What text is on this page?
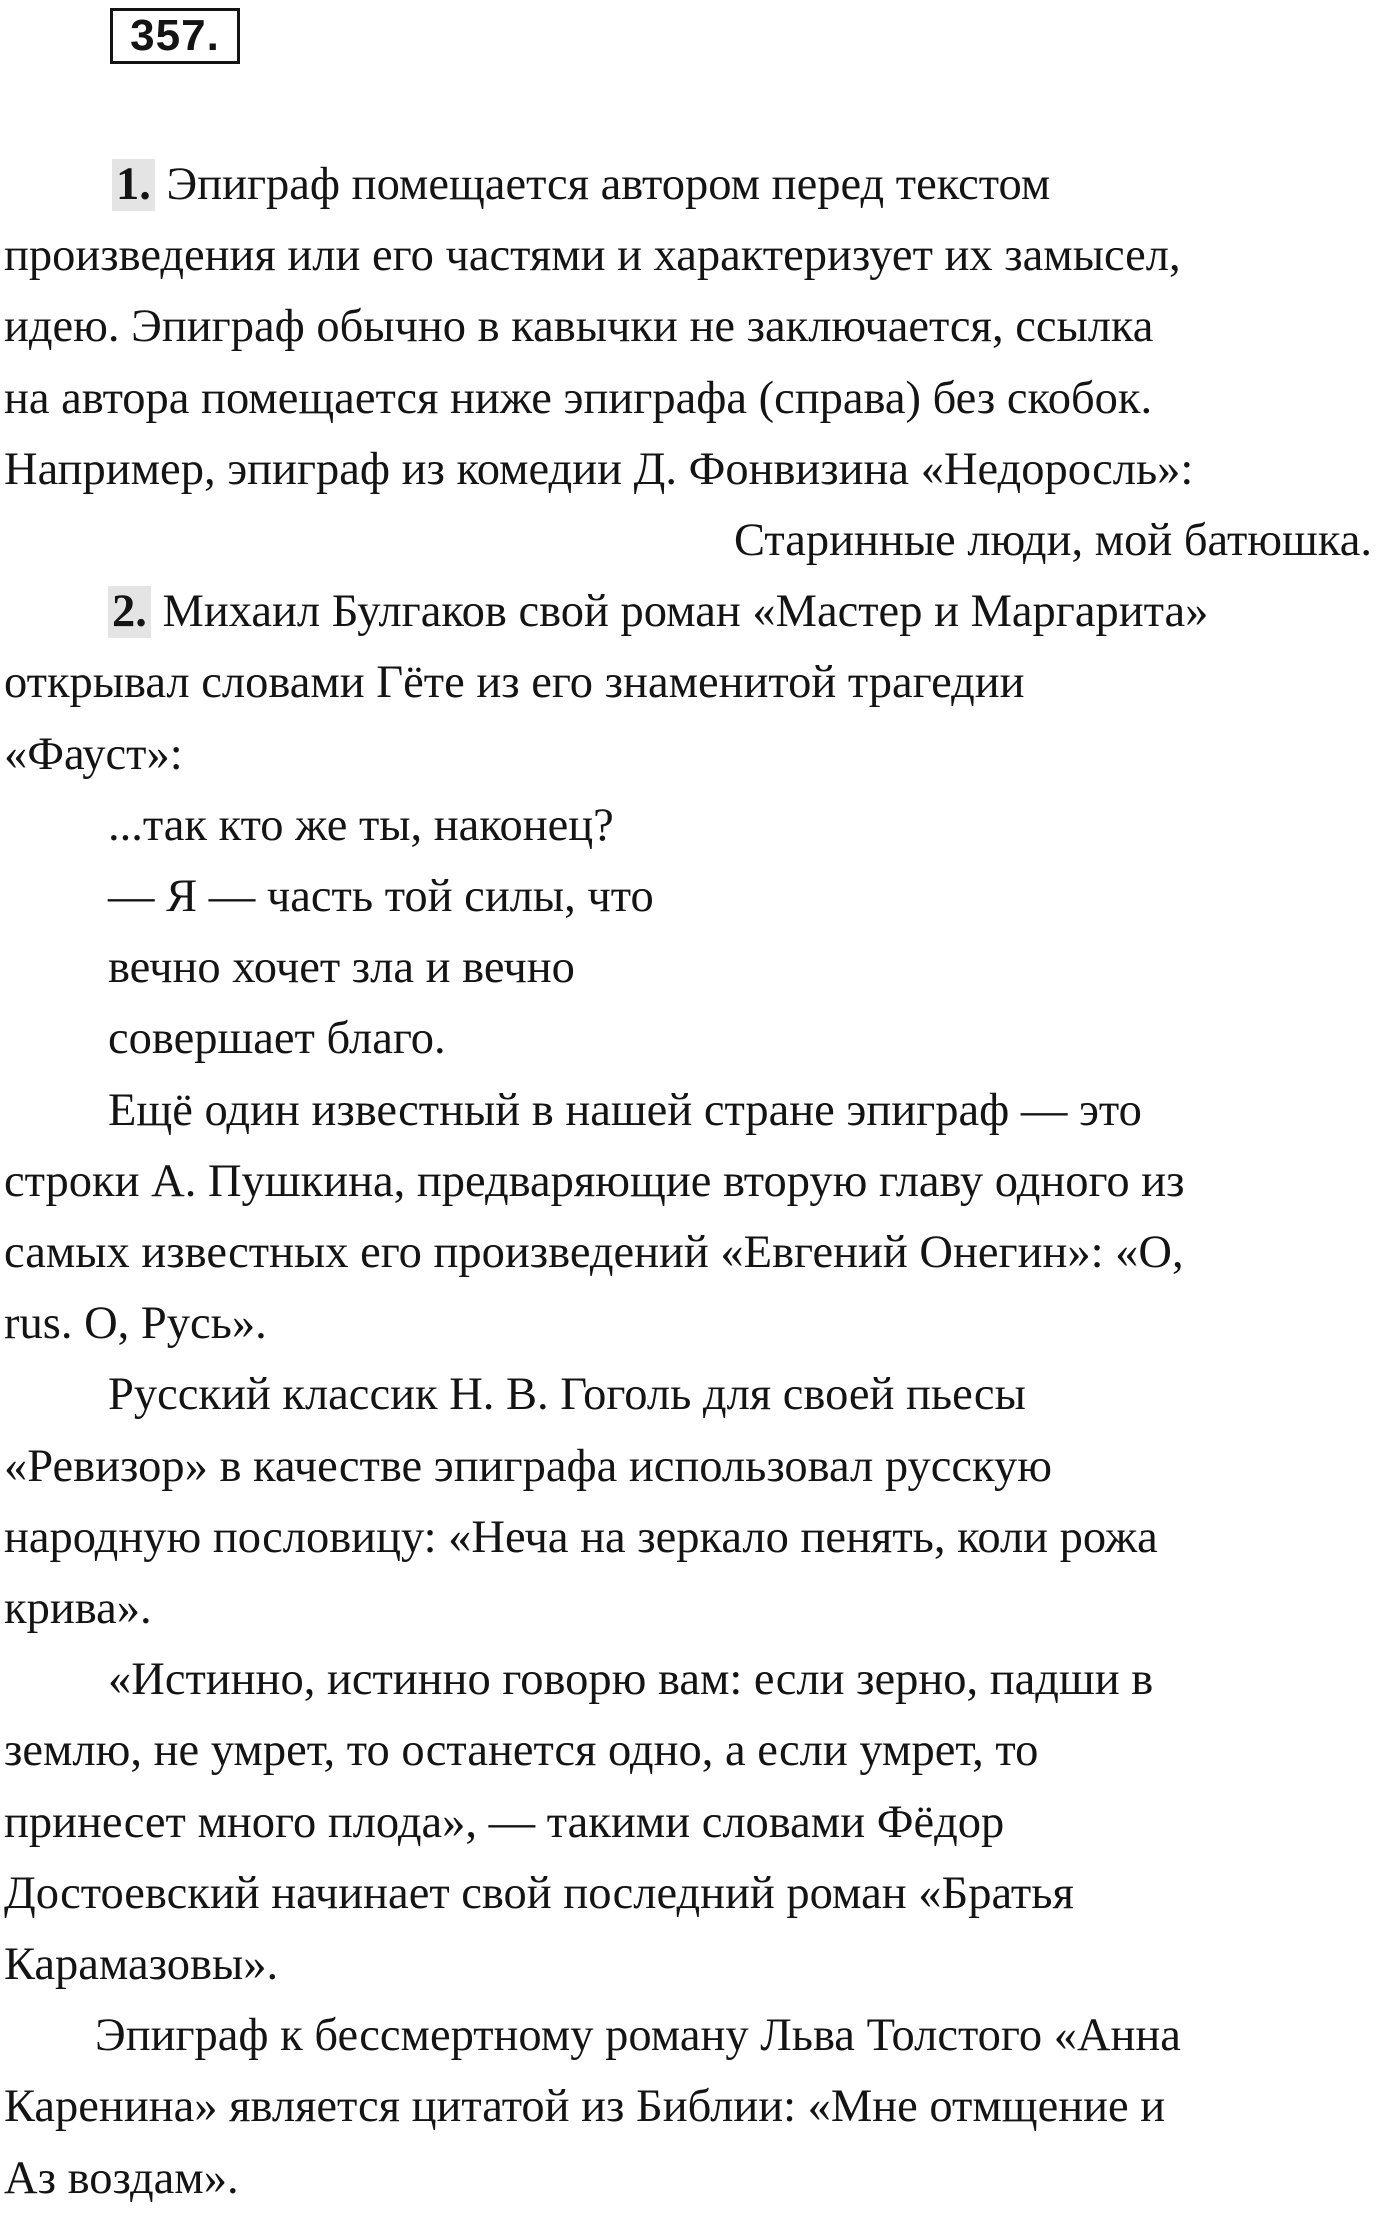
357.

1. Эпиграф помещается автором перед текстом

произведения или его частями и характеризует их замысел,

идею. Эпиграф обычно в кавычки не заключается, ссылка

на автора помещается ниже эпиграфа (справа) без скобок.

Например, эпиграф из комедии Д. Фонвизина «Недоросль»:

Старинные люди, мой батюшка.

2. Михаил Булгаков свой роман «Мастер и Маргарита»

открывал словами Гёте из его знаменитой трагедии

«Фауст»:

...так кто же ты, наконец?

— Я — часть той силы, что

вечно хочет зла и вечно

совершает благо.

Ещё один известный в нашей стране эпиграф — это

строки А. Пушкина, предваряющие вторую главу одного из

самых известных его произведений «Евгений Онегин»: «О,

rus. О, Русь».

Русский классик Н. В. Гоголь для своей пьесы

«Ревизор» в качестве эпиграфа использовал русскую

народную пословицу: «Неча на зеркало пенять, коли рожа

крива».

«Истинно, истинно говорю вам: если зерно, падши в

землю, не умрет, то останется одно, а если умрет, то

принесет много плода», — такими словами Фёдор

Достоевский начинает свой последний роман «Братья

Карамазовы».

Эпиграф к бессмертному роману Льва Толстого «Анна

Каренина» является цитатой из Библии: «Мне отмщение и

Аз воздам».
